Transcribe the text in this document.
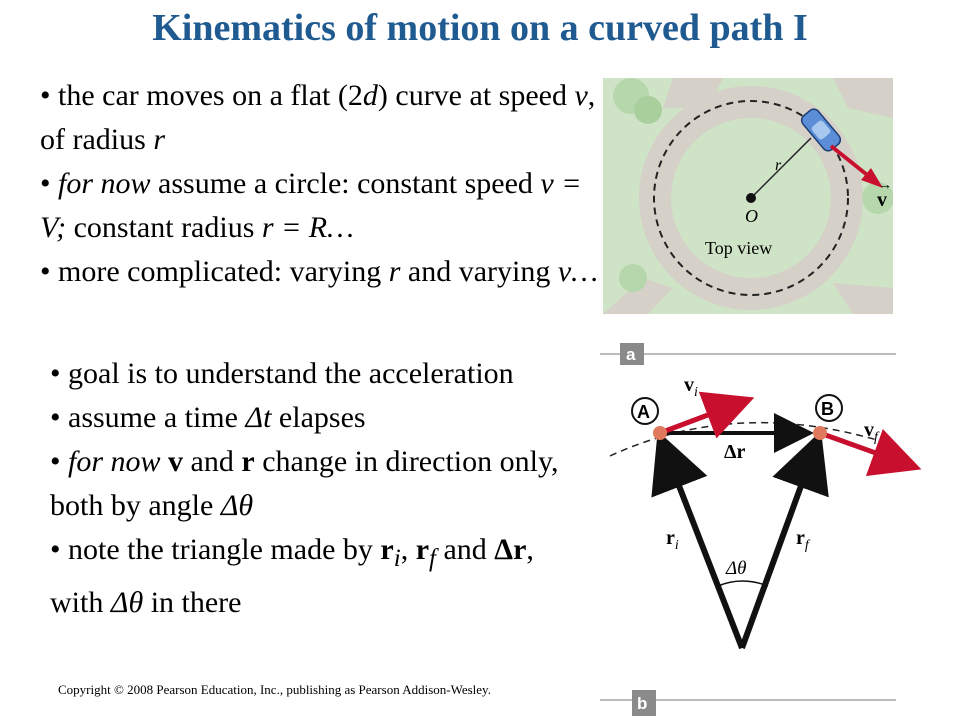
Kinematics of motion on a curved path I

• the car moves on a flat (2d) curve at speed v, of radius r

• for now assume a circle: constant speed v = V; constant radius r = R…

• more complicated: varying r and varying v…

• goal is to understand the acceleration

• assume a time Δt elapses

• for now v and r change in direction only, both by angle Δθ

• note the triangle made by $r_i$, $r_f$ and Δr, with Δθ in there

O
r
Top view
v
→
a
A	B
$v_i$
$v_f$
Δr
$r_i$	$r_f$
Δθ
b
Copyright © 2008 Pearson Education, Inc., publishing as Pearson Addison-Wesley.
